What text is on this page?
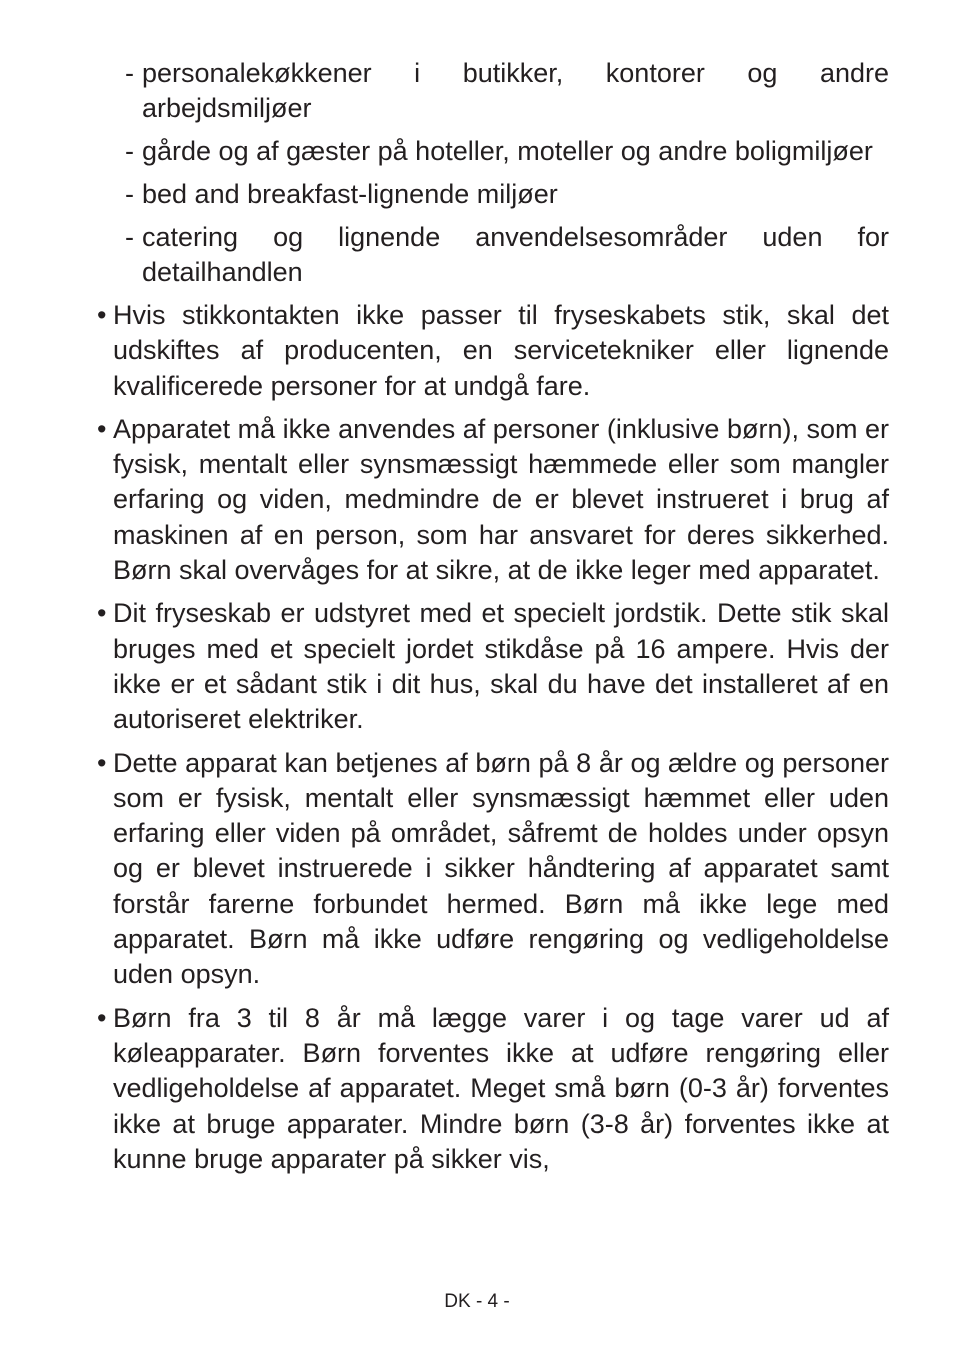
- personalekøkkener i butikker, kontorer og andre arbejdsmiljøer
- gårde og af gæster på hoteller, moteller og andre boligmiljøer
- bed and breakfast-lignende miljøer
- catering og lignende anvendelsesområder uden for detailhandlen
• Hvis stikkontakten ikke passer til fryseskabets stik, skal det udskiftes af producenten, en servicetekniker eller lignende kvalificerede personer for at undgå fare.
• Apparatet må ikke anvendes af personer (inklusive børn), som er fysisk, mentalt eller synsmæssigt hæmmede eller som mangler erfaring og viden, medmindre de er blevet instrueret i brug af maskinen af en person, som har ansvaret for deres sikkerhed. Børn skal overvåges for at sikre, at de ikke leger med apparatet.
• Dit fryseskab er udstyret med et specielt jordstik. Dette stik skal bruges med et specielt jordet stikdåse på 16 ampere. Hvis der ikke er et sådant stik i dit hus, skal du have det installeret af en autoriseret elektriker.
• Dette apparat kan betjenes af børn på 8 år og ældre og personer som er fysisk, mentalt eller synsmæssigt hæmmet eller uden erfaring eller viden på området, såfremt de holdes under opsyn og er blevet instruerede i sikker håndtering af apparatet samt forstår farerne forbundet hermed. Børn må ikke lege med apparatet. Børn må ikke udføre rengøring og vedligeholdelse uden opsyn.
• Børn fra 3 til 8 år må lægge varer i og tage varer ud af køleapparater. Børn forventes ikke at udføre rengøring eller vedligeholdelse af apparatet. Meget små børn (0-3 år) forventes ikke at bruge apparater. Mindre børn (3-8 år) forventes ikke at kunne bruge apparater på sikker vis,
DK - 4 -
